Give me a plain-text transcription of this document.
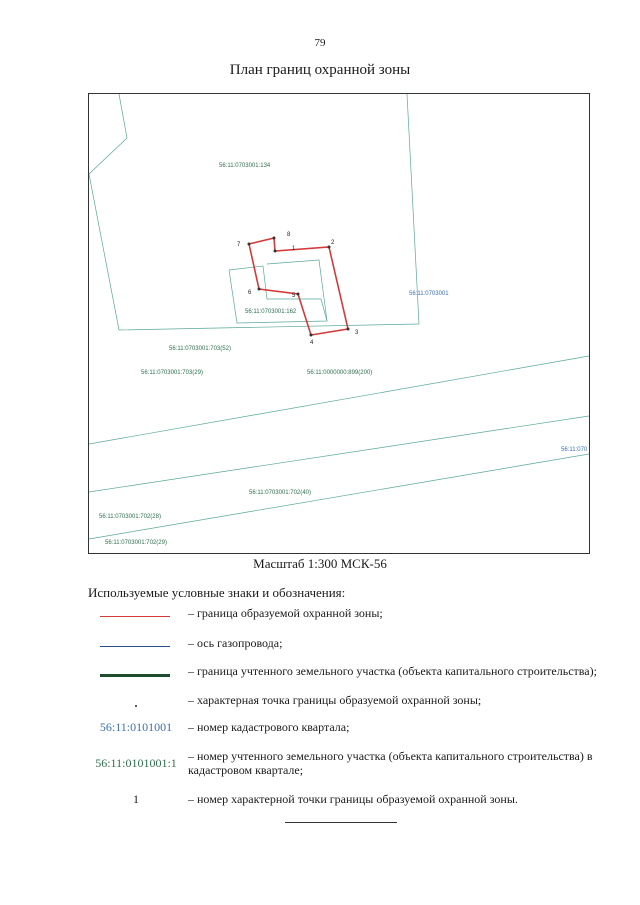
79
План границ охранной зоны
1
2
3
4
5
6
7
8
56:11:0703001:134
56:11:0703001:162
56:11:0703001:703(52)
56:11:0703001:703(29)	56:11:0000000:899(200)
56:11:0703001:702(40)
56:11:0703001:702(28)
56:11:0703001:702(29)
56:11:0703001
56:11:070
Масштаб 1:300 МСК-56
Используемые условные знаки и обозначения:
– граница образуемой охранной зоны;
– ось газопровода;
– граница учтенного земельного участка (объекта капитального строительства);
– характерная точка границы образуемой охранной зоны;
56:11:0101001	– номер кадастрового квартала;
56:11:0101001:1 – номер учтенного земельного участка (объекта капитального строительства) в кадастровом квартале;
1	– номер характерной точки границы образуемой охранной зоны.
